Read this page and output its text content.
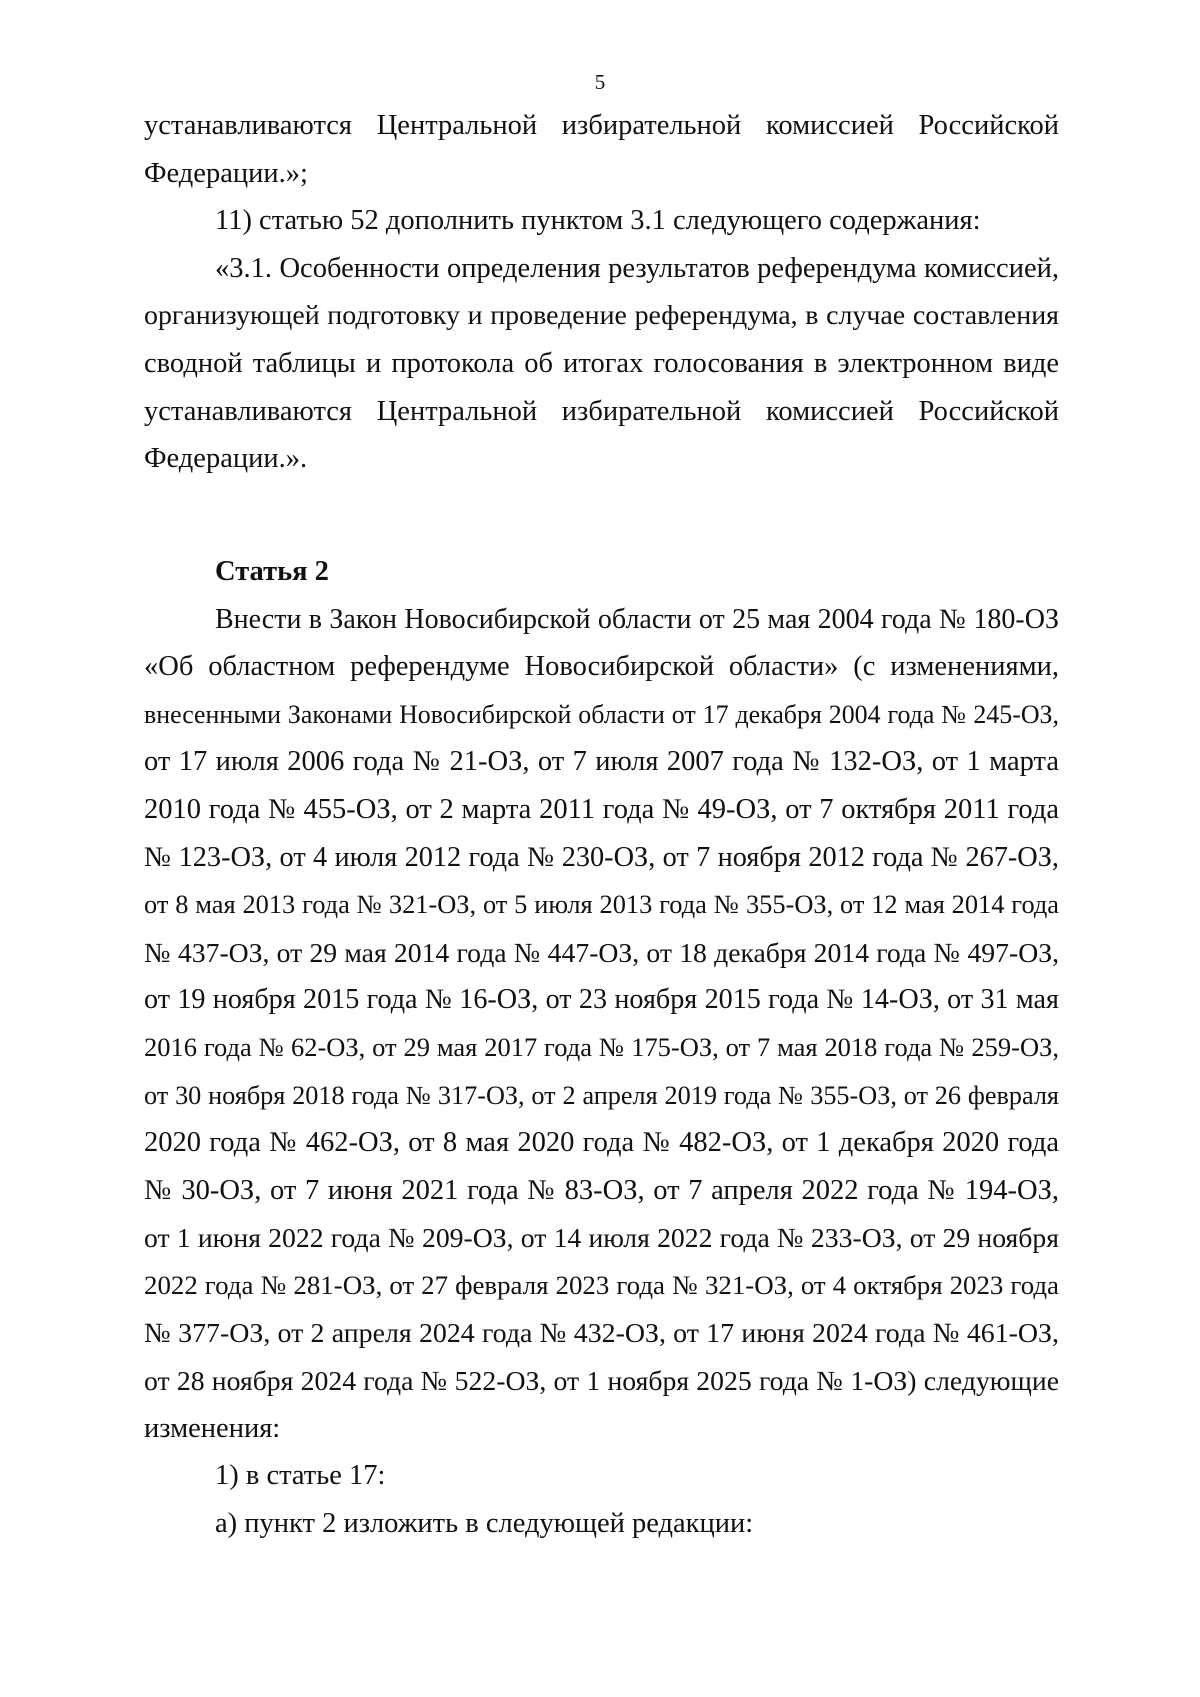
5
устанавливаются Центральной избирательной комиссией Российской
Федерации.»;
11) статью 52 дополнить пунктом 3.1 следующего содержания:
«3.1. Особенности определения результатов референдума комиссией,
организующей подготовку и проведение референдума, в случае составления
сводной таблицы и протокола об итогах голосования в электронном виде
устанавливаются Центральной избирательной комиссией Российской
Федерации.».
Статья 2
Внести в Закон Новосибирской области от 25 мая 2004 года № 180-ОЗ
«Об областном референдуме Новосибирской области» (с изменениями,
внесенными Законами Новосибирской области от 17 декабря 2004 года № 245-ОЗ,
от 17 июля 2006 года № 21-ОЗ, от 7 июля 2007 года № 132-ОЗ, от 1 марта
2010 года № 455-ОЗ, от 2 марта 2011 года № 49-ОЗ, от 7 октября 2011 года
№ 123-ОЗ, от 4 июля 2012 года № 230-ОЗ, от 7 ноября 2012 года № 267-ОЗ,
от 8 мая 2013 года № 321-ОЗ, от 5 июля 2013 года № 355-ОЗ, от 12 мая 2014 года
№ 437-ОЗ, от 29 мая 2014 года № 447-ОЗ, от 18 декабря 2014 года № 497-ОЗ,
от 19 ноября 2015 года № 16-ОЗ, от 23 ноября 2015 года № 14-ОЗ, от 31 мая
2016 года № 62-ОЗ, от 29 мая 2017 года № 175-ОЗ, от 7 мая 2018 года № 259-ОЗ,
от 30 ноября 2018 года № 317-ОЗ, от 2 апреля 2019 года № 355-ОЗ, от 26 февраля
2020 года № 462-ОЗ, от 8 мая 2020 года № 482-ОЗ, от 1 декабря 2020 года
№ 30-ОЗ, от 7 июня 2021 года № 83-ОЗ, от 7 апреля 2022 года № 194-ОЗ,
от 1 июня 2022 года № 209-ОЗ, от 14 июля 2022 года № 233-ОЗ, от 29 ноября
2022 года № 281-ОЗ, от 27 февраля 2023 года № 321-ОЗ, от 4 октября 2023 года
№ 377-ОЗ, от 2 апреля 2024 года № 432-ОЗ, от 17 июня 2024 года № 461-ОЗ,
от 28 ноября 2024 года № 522-ОЗ, от 1 ноября 2025 года № 1-ОЗ) следующие
изменения:
1) в статье 17:
а) пункт 2 изложить в следующей редакции:
